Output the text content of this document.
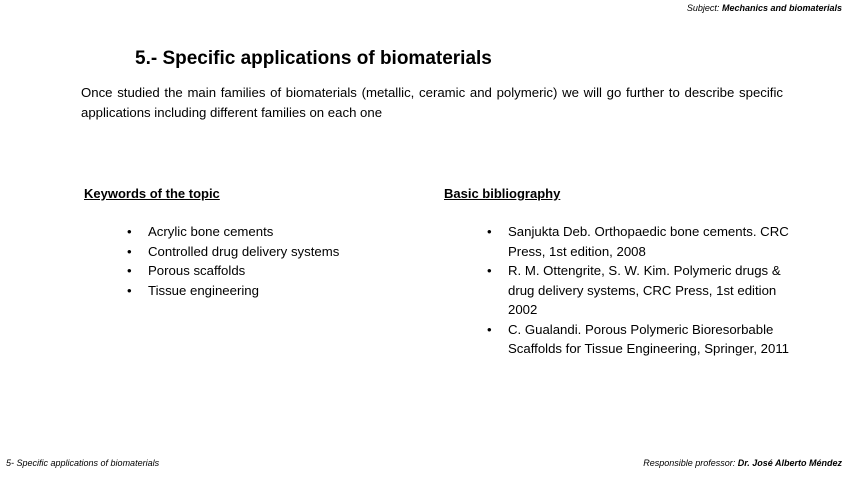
Subject: Mechanics and biomaterials
5.- Specific applications of biomaterials

Once studied the main families of biomaterials (metallic, ceramic and polymeric) we will go further to describe specific applications including different families on each one

Keywords of the topic
• Acrylic bone cements
• Controlled drug delivery systems
• Porous scaffolds
• Tissue engineering
Basic bibliography
• Sanjukta Deb. Orthopaedic bone cements. CRC Press, 1st edition, 2008
• R. M. Ottengrite, S. W. Kim. Polymeric drugs & drug delivery systems, CRC Press, 1st edition 2002
• C. Gualandi. Porous Polymeric Bioresorbable Scaffolds for Tissue Engineering, Springer, 2011
5- Specific applications of biomaterials	Responsible professor: Dr. José Alberto Méndez
